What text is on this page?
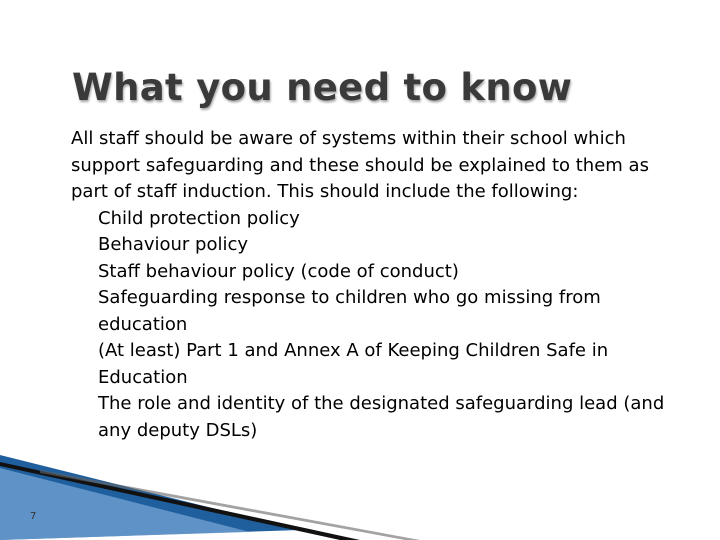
What you need to know

All staff should be aware of systems within their school which support safeguarding and these should be explained to them as part of staff induction. This should include the following:

Child protection policy
Behaviour policy
Staff behaviour policy (code of conduct)
Safeguarding response to children who go missing from education
(At least) Part 1 and Annex A of Keeping Children Safe in Education
The role and identity of the designated safeguarding lead (and any deputy DSLs)
7
